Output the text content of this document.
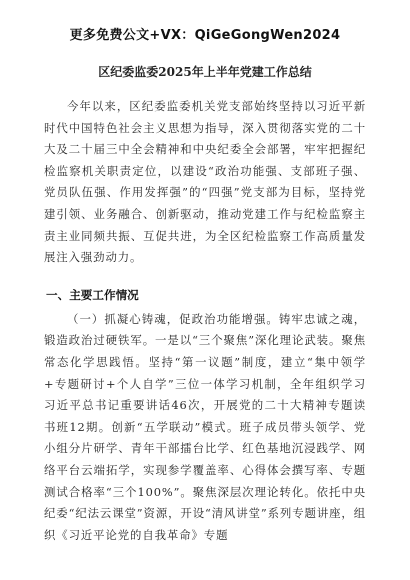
更多免费公文+VX：QiGeGongWen2024
区纪委监委2025年上半年党建工作总结

今年以来，区纪委监委机关党支部始终坚持以习近平新时代中国特色社会主义思想为指导，深入贯彻落实党的二十大及二十届三中全会精神和中央纪委全会部署，牢牢把握纪检监察机关职责定位，以建设“政治功能强、支部班子强、党员队伍强、作用发挥强”的“四强”党支部为目标，坚持党建引领、业务融合、创新驱动，推动党建工作与纪检监察主责主业同频共振、互促共进，为全区纪检监察工作高质量发展注入强劲动力。

一、主要工作情况

（一）抓凝心铸魂，促政治功能增强。铸牢忠诚之魂，锻造政治过硬铁军。一是以“三个聚焦”深化理论武装。聚焦常态化学思践悟。坚持“第一议题”制度，建立“集中领学+专题研讨+个人自学”三位一体学习机制，全年组织学习习近平总书记重要讲话46次，开展党的二十大精神专题读书班12期。创新“五学联动”模式。班子成员带头领学、党小组分片研学、青年干部擂台比学、红色基地沉浸践学、网络平台云端拓学，实现参学覆盖率、心得体会撰写率、专题测试合格率“三个100%”。聚焦深层次理论转化。依托中央纪委“纪法云课堂”资源，开设“清风讲堂”系列专题讲座，组织《习近平论党的自我革命》专题
